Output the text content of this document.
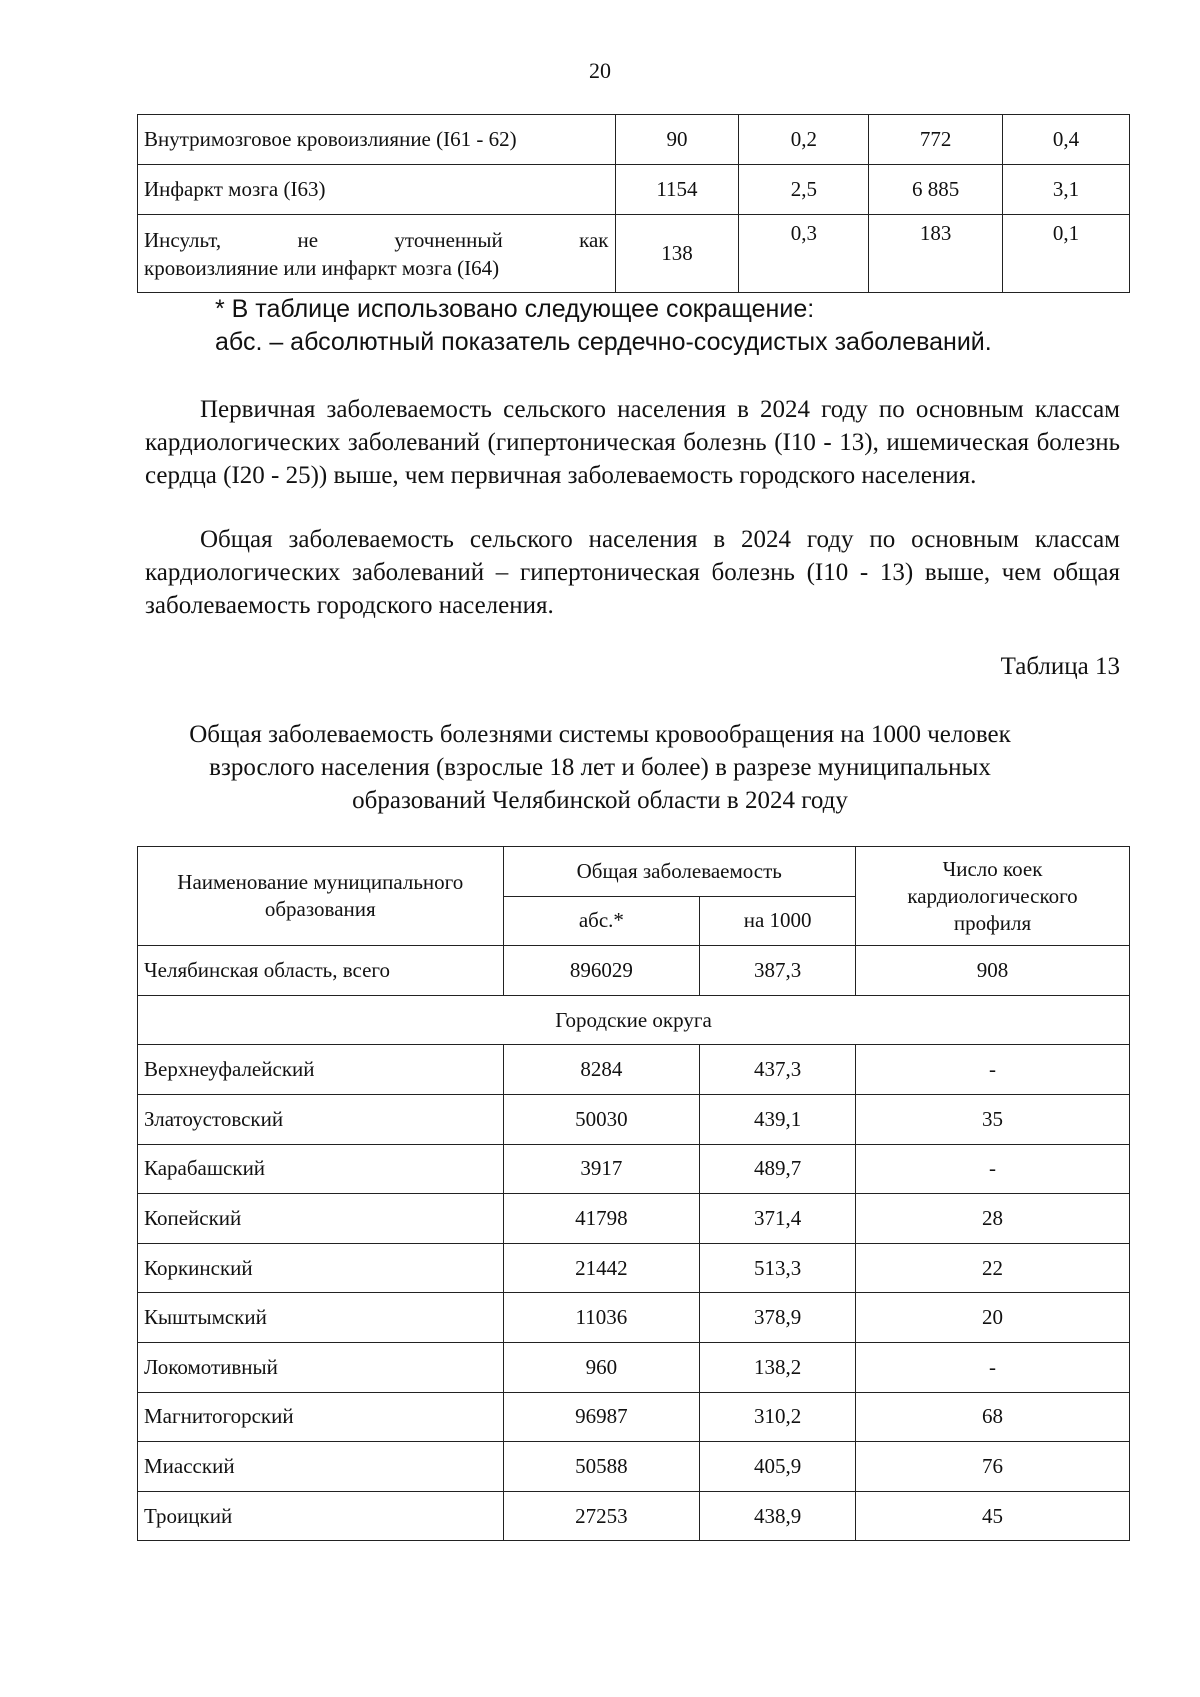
20
Внутримозговое кровоизлияние (I61 - 62)	90	0,2	772	0,4
Инфаркт мозга (I63)	1154	2,5	6 885	3,1

Инсульт, не уточненный как
кровоизлияние или инфаркт мозга (I64)	138	0,3	183	0,1
* В таблице использовано следующее сокращение:
абс. – абсолютный показатель сердечно-сосудистых заболеваний.

Первичная заболеваемость сельского населения в 2024 году по основным классам кардиологических заболеваний (гипертоническая болезнь (I10 - 13), ишемическая болезнь сердца (I20 - 25)) выше, чем первичная заболеваемость городского населения.

Общая заболеваемость сельского населения в 2024 году по основным классам кардиологических заболеваний – гипертоническая болезнь (I10 - 13) выше, чем общая заболеваемость городского населения.

Таблица 13
Общая заболеваемость болезнями системы кровообращения на 1000 человек взрослого населения (взрослые 18 лет и более) в разрезе муниципальных образований Челябинской области в 2024 году
Наименование муниципального образования	Общая заболеваемость		Число коек кардиологического профиля
	абс.*	на 1000	
Челябинская область, всего	896029	387,3	908
Городские округа			
Верхнеуфалейский	8284	437,3	-
Златоустовский	50030	439,1	35
Карабашский	3917	489,7	-
Копейский	41798	371,4	28
Коркинский	21442	513,3	22
Кыштымский	11036	378,9	20
Локомотивный	960	138,2	-
Магнитогорский	96987	310,2	68
Миасский	50588	405,9	76
Троицкий	27253	438,9	45
